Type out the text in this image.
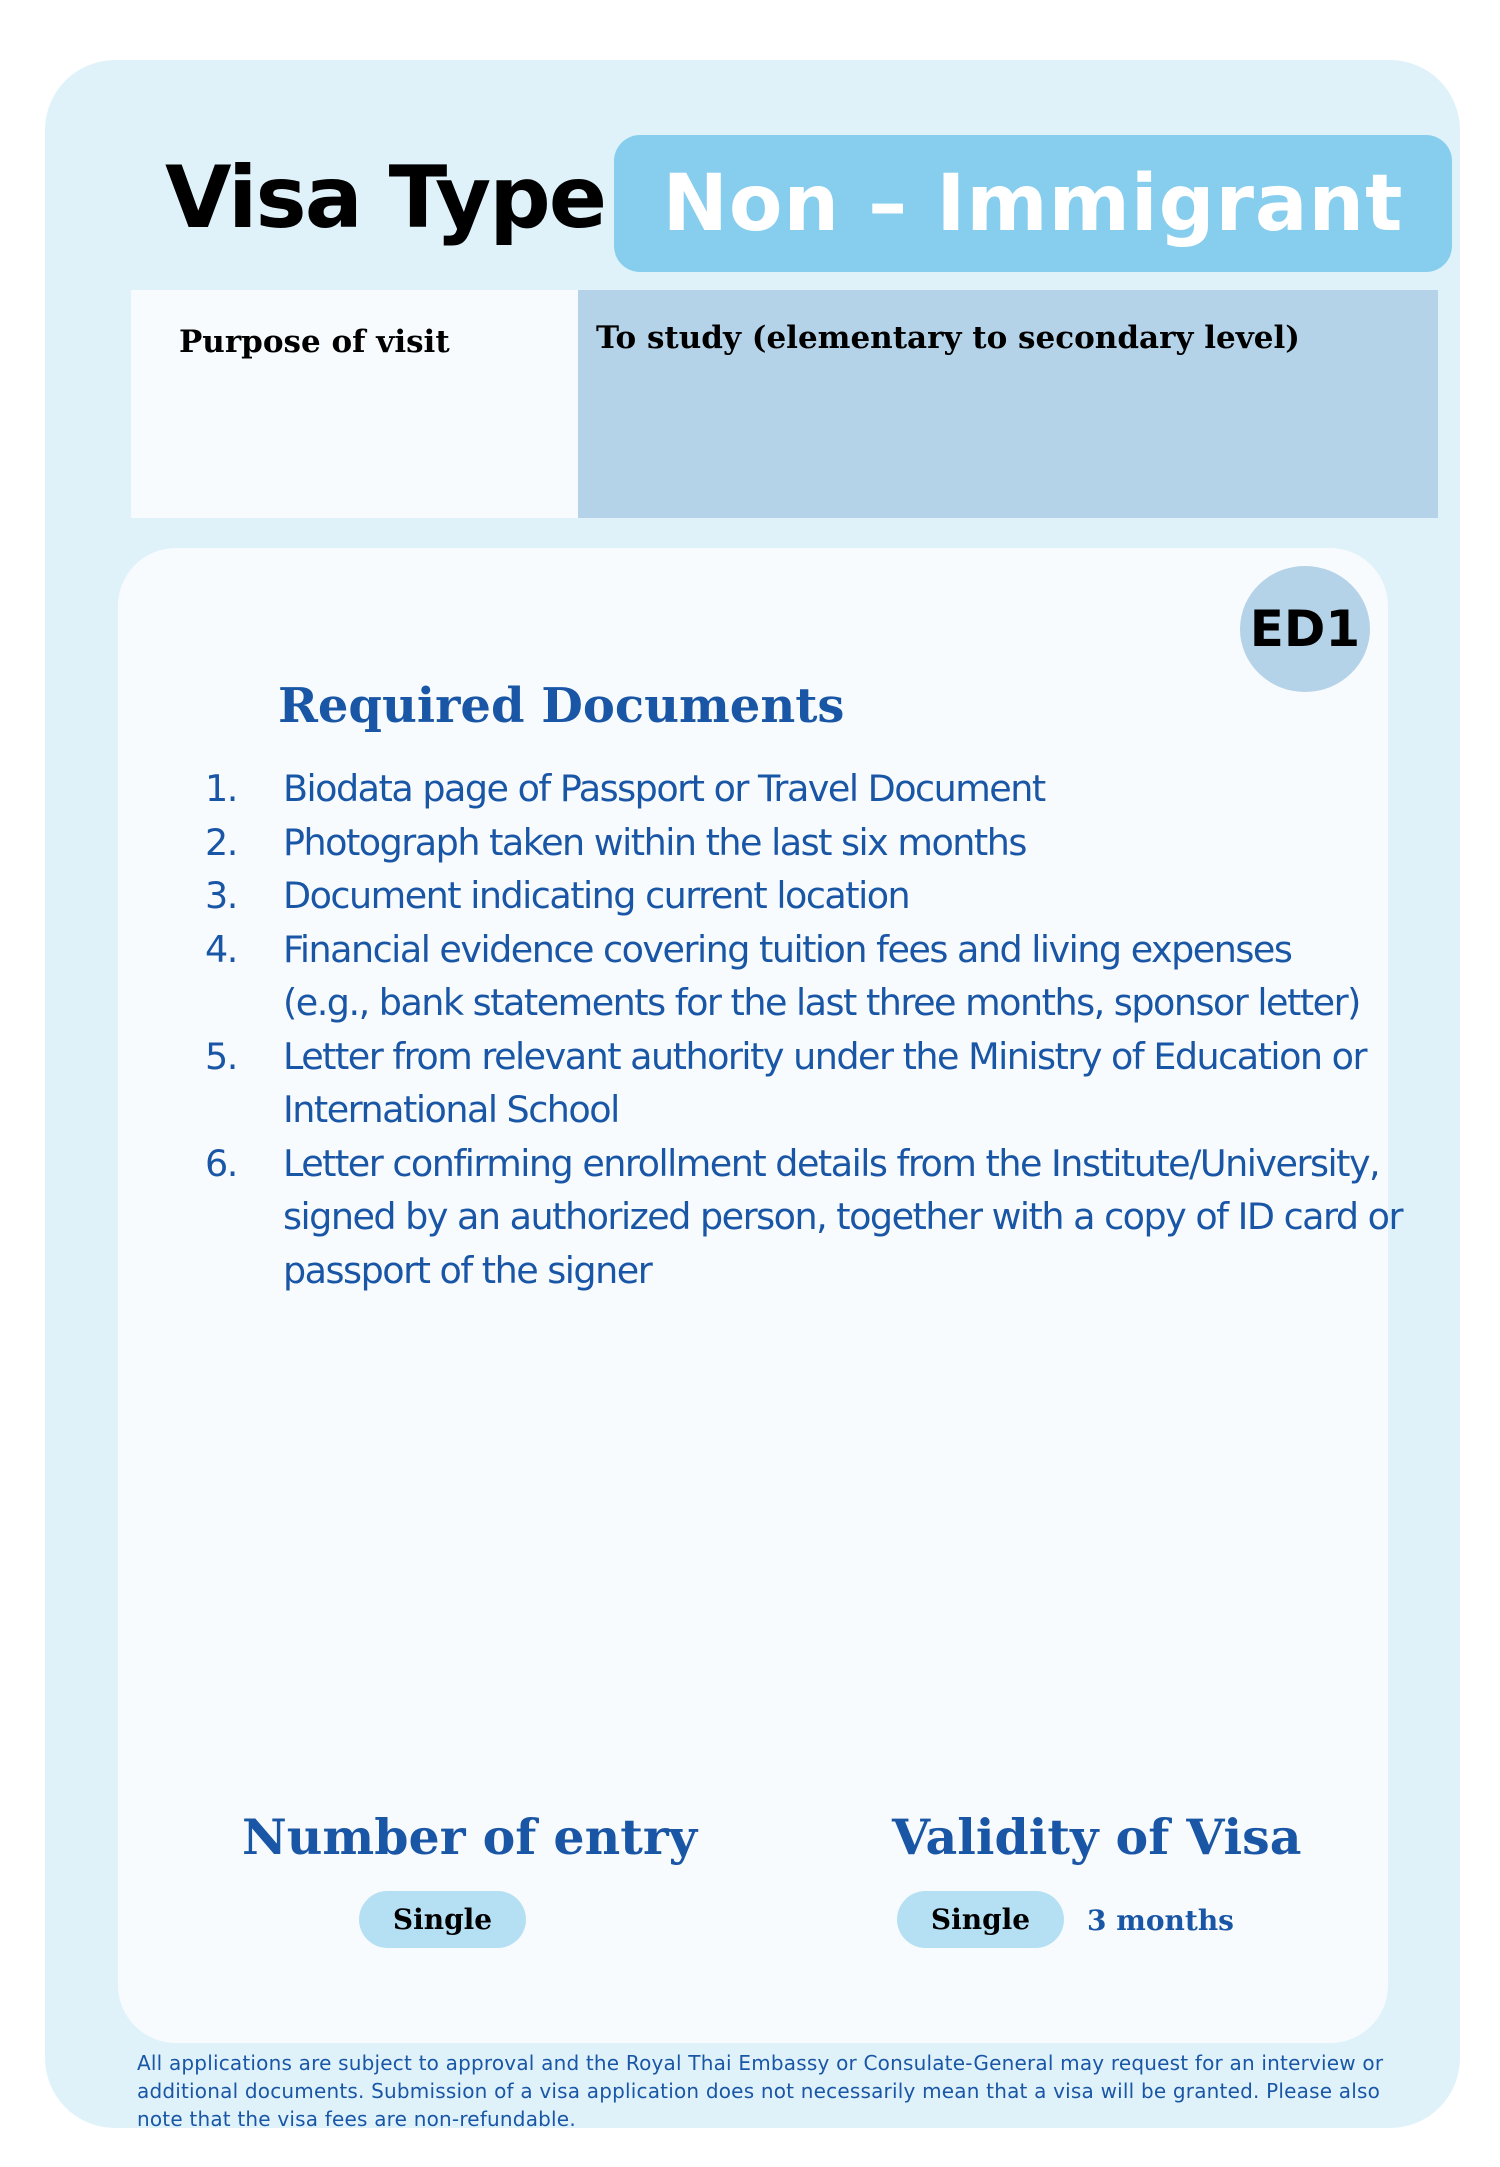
Visa Type Non – Immigrant
Purpose of visit	To study (elementary to secondary level)
ED1
Required Documents
1. Biodata page of Passport or Travel Document
2. Photograph taken within the last six months
3. Document indicating current location
4. Financial evidence covering tuition fees and living expenses
(e.g., bank statements for the last three months, sponsor letter)
5. Letter from relevant authority under the Ministry of Education or
International School
6. Letter confirming enrollment details from the Institute/University,
signed by an authorized person, together with a copy of ID card or
passport of the signer
Number of entry
Single
Validity of Visa
Single	3 months
All applications are subject to approval and the Royal Thai Embassy or Consulate-General may request for an interview or
additional documents. Submission of a visa application does not necessarily mean that a visa will be granted. Please also
note that the visa fees are non-refundable.
